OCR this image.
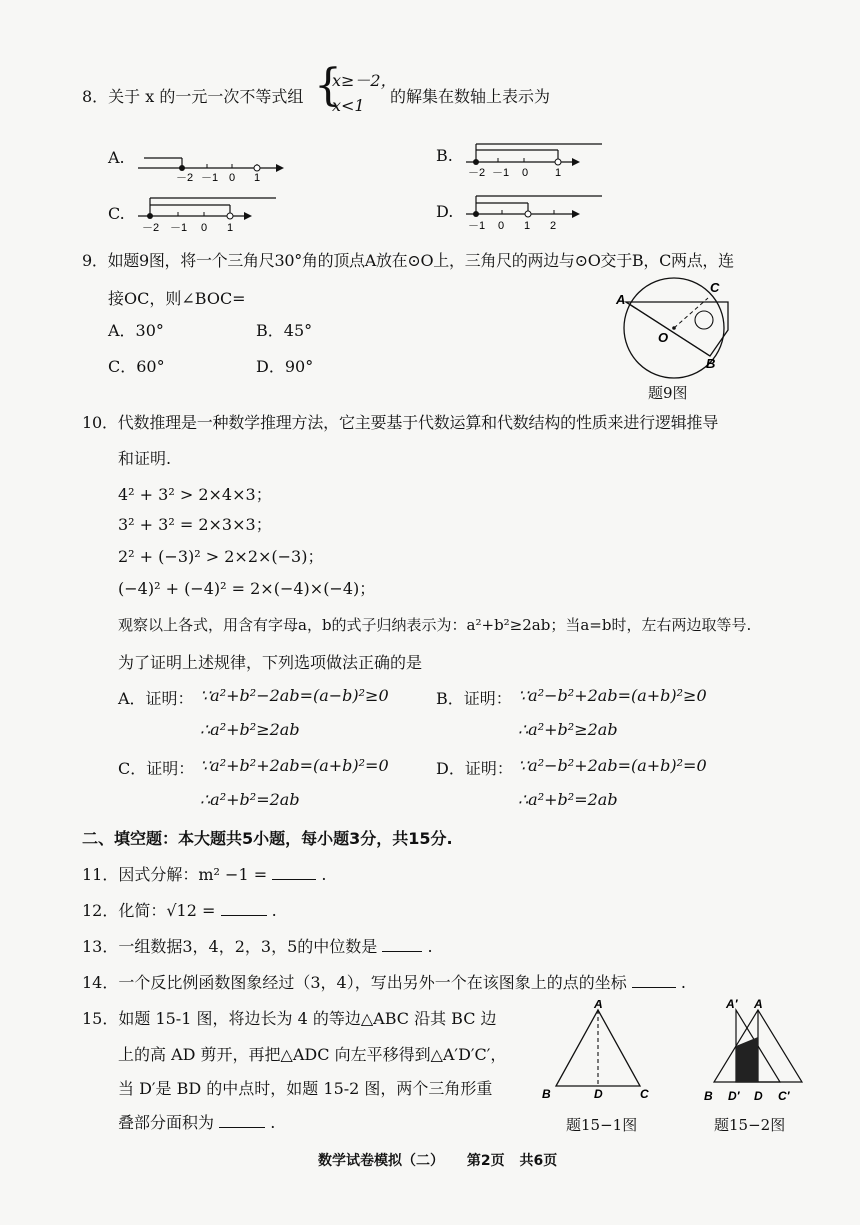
8．关于 x 的一元一次不等式组 {
x≥－2，
x<1 的解集在数轴上表示为
A.
－2 －1 0 1
B.
－2 －1 0 1
C.
－2 －1 0 1
D.
－1 0 1 2
9．如题9图，将一个三角尺30°角的顶点A放在⊙O上，三角尺的两边与⊙O交于B，C两点，连
接OC，则∠BOC=
A．30°	B．45°
C．60°	D．90°
A
C
O
B
题9图
10．代数推理是一种数学推理方法，它主要基于代数运算和代数结构的性质来进行逻辑推导
和证明.
4² + 3² > 2×4×3；
3² + 3² = 2×3×3；
2² + (−3)² > 2×2×(−3)；
(−4)² + (−4)² = 2×(−4)×(−4)；
观察以上各式，用含有字母a，b的式子归纳表示为：a²+b²≥2ab；当a=b时，左右两边取等号.
为了证明上述规律，下列选项做法正确的是
A．证明： ∵a²+b²−2ab=(a−b)²≥0
∴a²+b²≥2ab
B．证明： ∵a²−b²+2ab=(a+b)²≥0
∴a²+b²≥2ab
C．证明： ∵a²+b²+2ab=(a+b)²=0
∴a²+b²=2ab
D．证明： ∵a²−b²+2ab=(a+b)²=0
∴a²+b²=2ab
二、填空题：本大题共5小题，每小题3分，共15分.
11．因式分解：m² −1 =	.
12．化简：√12 =	.
13．一组数据3，4，2，3，5的中位数是	.
14．一个反比例函数图象经过（3，4），写出另外一个在该图象上的点的坐标	.
15．如题 15-1 图，将边长为 4 的等边△ABC 沿其 BC 边
上的高 AD 剪开，再把△ADC 向左平移得到△A′D′C′，
当 D′是 BD 的中点时，如题 15-2 图，两个三角形重
叠部分面积为	.
A
B	D	C
题15−1图
A′ A
B D′ D C′
题15−2图
数学试卷模拟（二） 第2页 共6页
